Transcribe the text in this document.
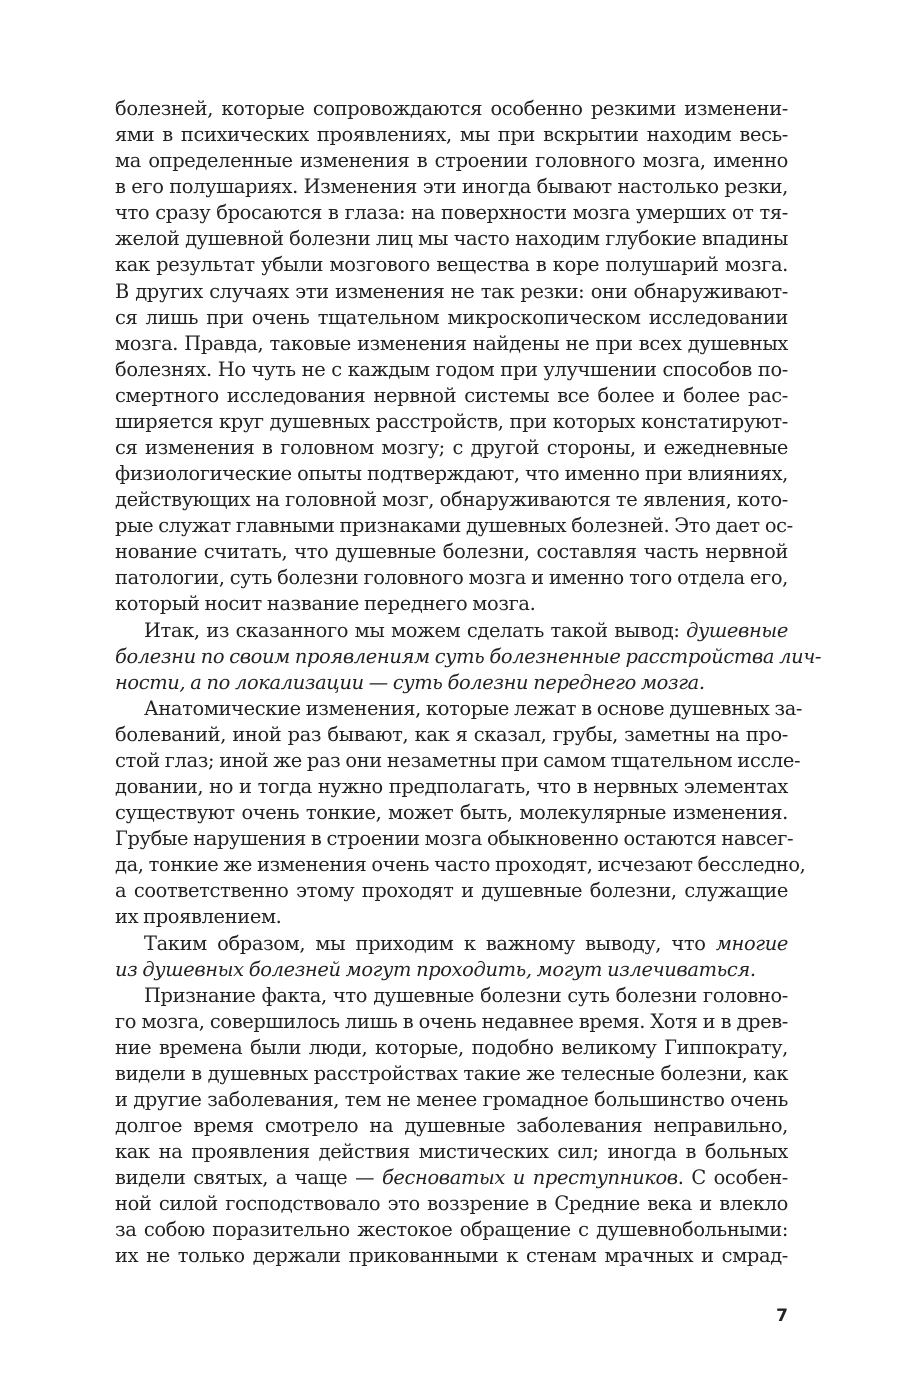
болезней, которые сопровождаются особенно резкими изменени-
ями в психических проявлениях, мы при вскрытии находим весь-
ма определенные изменения в строении головного мозга, именно
в его полушариях. Изменения эти иногда бывают настолько резки,
что сразу бросаются в глаза: на поверхности мозга умерших от тя-
желой душевной болезни лиц мы часто находим глубокие впадины
как результат убыли мозгового вещества в коре полушарий мозга.
В других случаях эти изменения не так резки: они обнаруживают-
ся лишь при очень тщательном микроскопическом исследовании
мозга. Правда, таковые изменения найдены не при всех душевных
болезнях. Но чуть не с каждым годом при улучшении способов по-
смертного исследования нервной системы все более и более рас-
ширяется круг душевных расстройств, при которых констатируют-
ся изменения в головном мозгу; с другой стороны, и ежедневные
физиологические опыты подтверждают, что именно при влияниях,
действующих на головной мозг, обнаруживаются те явления, кото-
рые служат главными признаками душевных болезней. Это дает ос-
нование считать, что душевные болезни, составляя часть нервной
патологии, суть болезни головного мозга и именно того отдела его,
который носит название переднего мозга.
Итак, из сказанного мы можем сделать такой вывод: душевные
болезни по своим проявлениям суть болезненные расстройства лич-
ности, а по локализации — суть болезни переднего мозга.
Анатомические изменения, которые лежат в основе душевных за-
болеваний, иной раз бывают, как я сказал, грубы, заметны на про-
стой глаз; иной же раз они незаметны при самом тщательном иссле-
довании, но и тогда нужно предполагать, что в нервных элементах
существуют очень тонкие, может быть, молекулярные изменения.
Грубые нарушения в строении мозга обыкновенно остаются навсег-
да, тонкие же изменения очень часто проходят, исчезают бесследно,
а соответственно этому проходят и душевные болезни, служащие
их проявлением.
Таким образом, мы приходим к важному выводу, что многие
из душевных болезней могут проходить, могут излечиваться.
Признание факта, что душевные болезни суть болезни головно-
го мозга, совершилось лишь в очень недавнее время. Хотя и в древ-
ние времена были люди, которые, подобно великому Гиппократу,
видели в душевных расстройствах такие же телесные болезни, как
и другие заболевания, тем не менее громадное большинство очень
долгое время смотрело на душевные заболевания неправильно,
как на проявления действия мистических сил; иногда в больных
видели святых, а чаще — бесноватых и преступников. С особен-
ной силой господствовало это воззрение в Средние века и влекло
за собою поразительно жестокое обращение с душевнобольными:
их не только держали прикованными к стенам мрачных и смрад-
7
